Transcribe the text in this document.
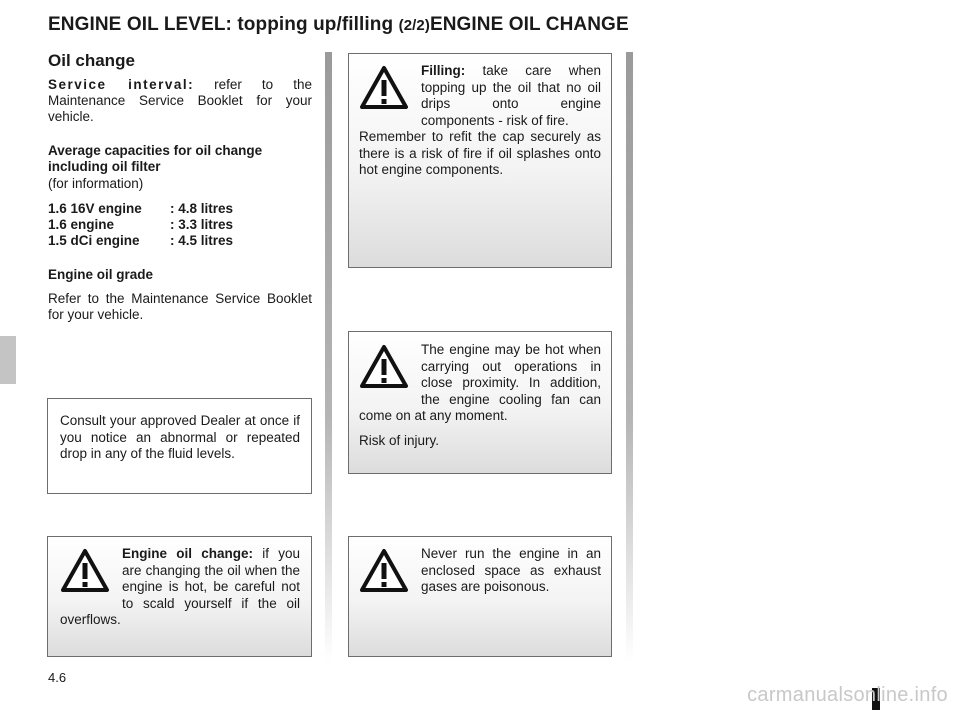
ENGINE OIL LEVEL: topping up/filling (2/2)ENGINE OIL CHANGE
Oil change
Service interval: refer to the Maintenance Service Booklet for your vehicle.
Average capacities for oil change
including oil filter
(for information)
1.6 16V engine	: 4.8 litres
1.6 engine	: 3.3 litres
1.5 dCi engine	: 4.5 litres
Engine oil grade
Refer to the Maintenance Service Booklet for your vehicle.

Consult your approved Dealer at once if you notice an abnormal or repeated drop in any of the fluid levels.

Engine oil change: if you are changing the oil when the engine is hot, be careful not to scald yourself if the oil overflows.

Filling: take care when topping up the oil that no oil drips onto engine components - risk of fire.

Remember to refit the cap securely as there is a risk of fire if oil splashes onto hot engine components.

The engine may be hot when carrying out operations in close proximity. In addition, the engine cooling fan can come on at any moment.

Risk of injury.

Never run the engine in an enclosed space as exhaust gases are poisonous.

4.6
carmanualsonline.info
